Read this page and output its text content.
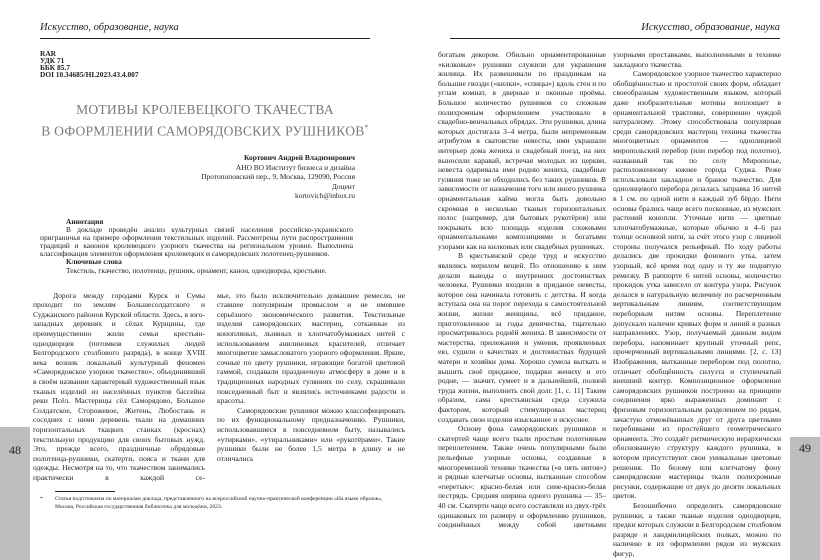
Искусство, образование, наука
RAR
УДК 71
ББК 85.7
DOI 10.34685/HI.2023.43.4.007
МОТИВЫ КРОЛЕВЕЦКОГО ТКАЧЕСТВА
В ОФОРМЛЕНИИ САМОРЯДОВСКИХ РУШНИКОВ*
Кортович Андрей Владимирович
АНО ВО Институт бизнеса и дизайна
Протопоповский пер., 9, Москва, 129090, Россия
Доцент
kortovich@inbox.ru
Аннотация

В докладе проведён анализ культурных связей населения российско-украинского приграничья на примере оформления текстильных изделий. Рассмотрены пути распространения традиций и канонов кролевецкого узорного ткачества на региональном уровне. Выполнена классификация элементов оформления кролевецких и саморядовских полотенец-рушников.

Ключевые слова

Текстиль, ткачество, полотенце, рушник, орнамент, канон, однодворцы, крестьяне.

Дорога между городами Курск и Сумы проходит по землям Большесолдатского и Суджанского районов Курской области. Здесь, в юго-западных деревнях и сёлах Курщины, где преимущественно жили семьи крестьян-однодворцев (потомков служилых людей Белгородского столбового разряда), в конце XVIII века возник локальный культурный феномен «Саморядовское узорное ткачество», объединивший в своём названии характерный художественный язык тканых изделий из населённых пунктов бассейна реки Псёл. Мастерицы сёл Саморядово, Большое Солдатское, Сторожевое, Житень, Любостань и соседних с ними деревень ткали на домашних горизонтальных ткацких станках (кроснах) текстильную продукцию для своих бытовых нужд. Это, прежде всего, праздничные обрядовые полотенца-рушники, скатерти, пояса и ткани для одежды. Несмотря на то, что ткачеством занимались практически в каждой се-

мье, это было исключительно домашнее ремесло, не ставшее популярным промыслом и не имевшее серьёзного экономического развития. Текстильные изделия саморядовских мастериц, сотканные из конопляных, льняных и хлопчатобумажных нитей с использованием анилиновых красителей, отличает многоцветие замысловатого узорного оформления. Яркие, сочные по цвету рушники, играющие богатой цветовой гаммой, создавали праздничную атмосферу в доме и в традиционных народных гуляниях по селу, скрашивали повседневный быт и являлись источниками радости и красоты.

Саморядовские рушники можно классифицировать по их функциональному предназначению. Рушники, использовавшиеся в повседневном быту, назывались «утирками», «утиральниками» или «рукотёрами». Такие рушники были не более 1,5 метра в длину и не отличались

*	Статья подготовлена по материалам доклада, представленного на всероссийской научно-практической конференции «На языке образов», Москва, Российская государственная библиотека для молодёжи, 2023.
48
Искусство, образование, наука

богатым декором. Обильно орнаментированные «килковые» рушники служили для украшения жилища. Их развешивали по праздникам на большие гвозди («килки», «спицы») вдоль стен и по углам комнат, в дверные и оконные проёмы. Большое количество рушников со сложным полихромным оформлением участвовало в свадебно-венчальных обрядах. Эти рушники, длина которых достигала 3–4 метра, были непременным атрибутом в сватовстве невесты, ими украшали интерьер дома жениха и свадебный поезд, на них выносили каравай, встречая молодых из церкви, невеста одаривала ими родню жениха, свадебные гуляния тоже не обходились без таких рушников. В зависимости от назначения того или иного рушника орнаментальная кайма могла быть довольно скромная в несколько тканых горизонтальных полос (например, для бытовых рукотёров) или покрывать всю площадь изделия сложными орнаментальными композициями и богатыми узорами как на килковых или свадебных рушниках.

В крестьянской среде труд и искусство являлись мерилом вещей. По отношению к ним делали выводы о внутренних достоинствах человека. Рушники входили в приданое невесты, которое она начинала готовить с детства. И когда вступала она на порог перехода к самостоятельной жизни, жизни женщины, всё приданое, приготовленное за годы девичества, тщательно просматривалось роднёй жениха. В зависимости от мастерства, прилежания и умения, проявленных ею, судили о качествах и достоинствах будущей матери и хозяйки дома. Хорошо сумела выткать и вышить своё приданое, подарки жениху и его родне, — значит, сумеет и в дальнейшей, полной труда жизни, выполнить свой долг. [1, с. 11] Таким образом, сама крестьянская среда служила фактором, который стимулировал мастериц создавать свои изделия изысканнее и искуснее.

Основу фона саморядовских рушников и скатертей чаще всего ткали простым полотняным переплетением. Также очень популярными были рельефные узорные основы, созданные в многоремизной технике ткачества («в пять нитов») и рядные клетчатые основы, вытканные способом «перетык»: красно-белая или сине-красно-белая пестрядь. Средняя ширина одного рушника — 35–40 см. Скатерти чаще всего составляли из двух-трёх одинаковых по размеру и оформлению рушников, соединённых между собой цветными

узорными проставками, выполненными в технике закладного ткачества.

Саморядовское узорное ткачество характерно обобщённостью и простотой своих форм, обладает своеобразным художественным языком, который даже изобразительные мотивы воплощает в орнаментальной трактовке, совершенно чуждой натурализму. Этому способствовала популярная среди саморядовских мастериц техника ткачества многоцветных орнаментов — однолицевой миропольский перебор (или перебор под полотно), названный так по селу Мирополье, расположенному южнее города Суджа. Реже использовали закладное и браное ткачество. Для однолицевого перебора делалась заправка 16 нитей в 1 см. по одной нити в каждый зуб бёрдо. Нити основы брались чаще всего посконные, из мужских растений конопли. Уточные нити — цветные хлопчатобумажные, которые обычно в 4–6 раз толще основной нити, за счёт этого узор с лицевой стороны получался рельефный. По ходу работы делались две прокидки фонового утка, затем узорный, всё время под одну и ту же поднятую ремизку. В раппорте 6 нитей основы, количество прокидок утка зависело от контура узора. Рисунок делался в натуральную величину по расчерченным вертикальным линиям, соответствующим переборным нитям основы. Переплетение допускало наличие кривых форм и линий в разных направлениях. Узор, получаемый данным видом перебора, напоминает крупный уточный репс, прочерченный вертикальными линиями. [2, с. 13] Изображения, вытканные перебором под полотно, отличает обобщённость силуэта и ступенчатый внешний контур. Композиционное оформление саморядовских рушников построено на принципе соединения ярко выраженных доминант с фризовым горизонтальным разделением по рядам, зачастую отмежёванных друг от друга цветными перебивками из простейшего геометрического орнамента. Это создаёт ритмическую иерархически обоснованную структуру каждого рушника, в котором присутствуют свои уникальные цветовые решения. По белому или клетчатому фону саморядовские мастерицы ткали полихромные рисунки, содержащие от двух до десяти локальных цветов.

Безошибочно определить саморядовские рушники, а также тканые изделия однодворцев, предки которых служили в Белгородском столбовом разряде и ландмилицейских полках, можно по наличию в их оформлении рядов из мужских фигур,

49
